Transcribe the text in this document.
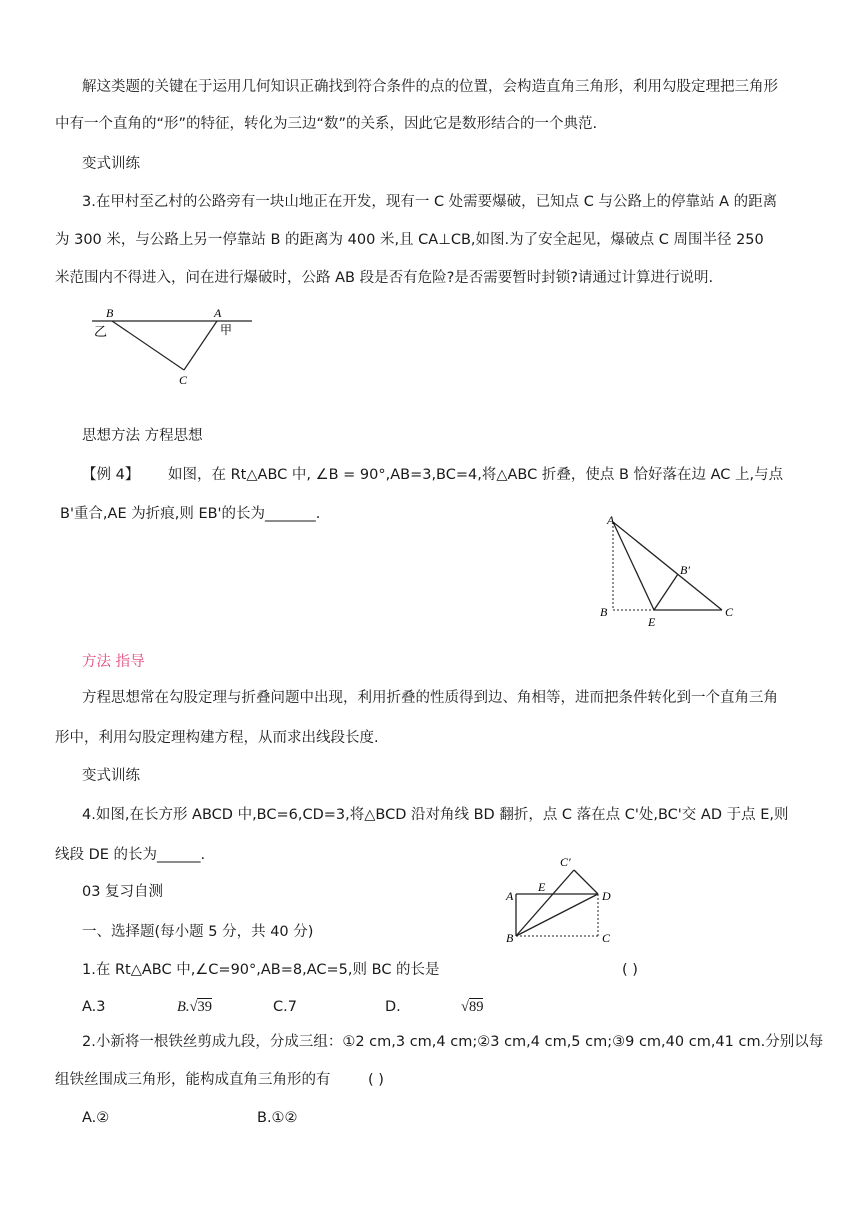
解这类题的关键在于运用几何知识正确找到符合条件的点的位置，会构造直角三角形，利用勾股定理把三角形
中有一个直角的“形”的特征，转化为三边“数”的关系，因此它是数形结合的一个典范.
变式训练
3.在甲村至乙村的公路旁有一块山地正在开发，现有一 C 处需要爆破，已知点 C 与公路上的停靠站 A 的距离
为 300 米，与公路上另一停靠站 B 的距离为 400 米,且 CA⊥CB,如图.为了安全起见，爆破点 C 周围半径 250
米范围内不得进入，问在进行爆破时，公路 AB 段是否有危险?是否需要暂时封锁?请通过计算进行说明.
B	A
C
乙	甲
思想方法 方程思想
【例 4】 如图，在 Rt△ABC 中, ∠B = 90°,AB=3,BC=4,将△ABC 折叠，使点 B 恰好落在边 AC 上,与点
B'重合,AE 为折痕,则 EB'的长为_______.	A
B′
B
E
C
方法 指导
方程思想常在勾股定理与折叠问题中出现，利用折叠的性质得到边、角相等，进而把条件转化到一个直角三角
形中，利用勾股定理构建方程，从而求出线段长度.
变式训练
4.如图,在长方形 ABCD 中,BC=6,CD=3,将△BCD 沿对角线 BD 翻折，点 C 落在点 C'处,BC'交 AD 于点 E,则
线段 DE 的长为______.	C′
A
E
D
B	C
03 复习自测
一、选择题(每小题 5 分，共 40 分)
1.在 Rt△ABC 中,∠C=90°,AB=8,AC=5,则 BC 的长是	( )
A.3	B.√39	C.7	D.	√89
2.小新将一根铁丝剪成九段，分成三组：①2 cm,3 cm,4 cm;②3 cm,4 cm,5 cm;③9 cm,40 cm,41 cm.分别以每
组铁丝围成三角形，能构成直角三角形的有	( )
A.②	B.①②
